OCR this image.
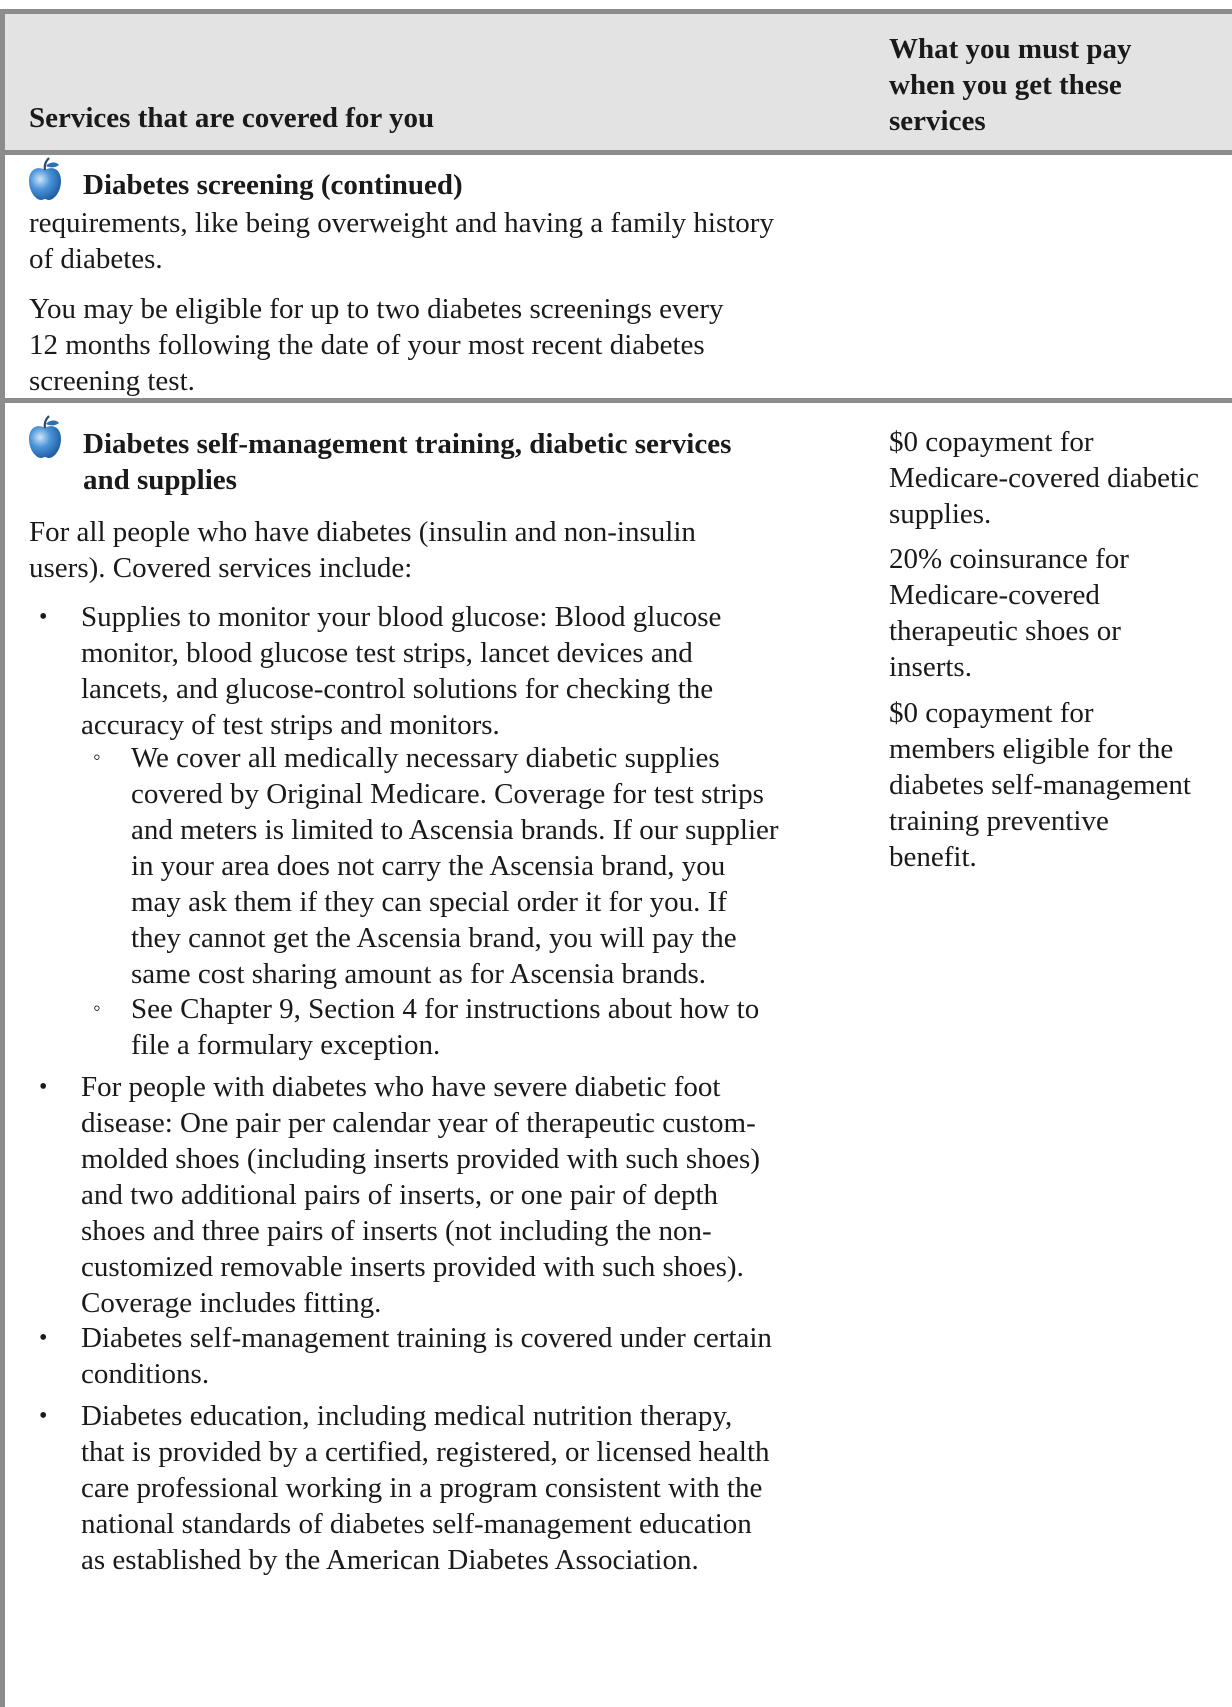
Services that are covered for you
What you must pay
when you get these
services
Diabetes screening (continued)
requirements, like being overweight and having a family history
of diabetes.
You may be eligible for up to two diabetes screenings every
12 months following the date of your most recent diabetes
screening test.
Diabetes self-management training, diabetic services
and supplies
For all people who have diabetes (insulin and non-insulin
users). Covered services include:
• Supplies to monitor your blood glucose: Blood glucose
monitor, blood glucose test strips, lancet devices and
lancets, and glucose-control solutions for checking the
accuracy of test strips and monitors.
◦ We cover all medically necessary diabetic supplies
covered by Original Medicare. Coverage for test strips
and meters is limited to Ascensia brands. If our supplier
in your area does not carry the Ascensia brand, you
may ask them if they can special order it for you. If
they cannot get the Ascensia brand, you will pay the
same cost sharing amount as for Ascensia brands.
◦ See Chapter 9, Section 4 for instructions about how to
file a formulary exception.
• For people with diabetes who have severe diabetic foot
disease: One pair per calendar year of therapeutic custom-
molded shoes (including inserts provided with such shoes)
and two additional pairs of inserts, or one pair of depth
shoes and three pairs of inserts (not including the non-
customized removable inserts provided with such shoes).
Coverage includes fitting.
• Diabetes self-management training is covered under certain
conditions.
• Diabetes education, including medical nutrition therapy,
that is provided by a certified, registered, or licensed health
care professional working in a program consistent with the
national standards of diabetes self-management education
as established by the American Diabetes Association.
$0 copayment for
Medicare-covered diabetic
supplies.
20% coinsurance for
Medicare-covered
therapeutic shoes or
inserts.
$0 copayment for
members eligible for the
diabetes self-management
training preventive
benefit.
